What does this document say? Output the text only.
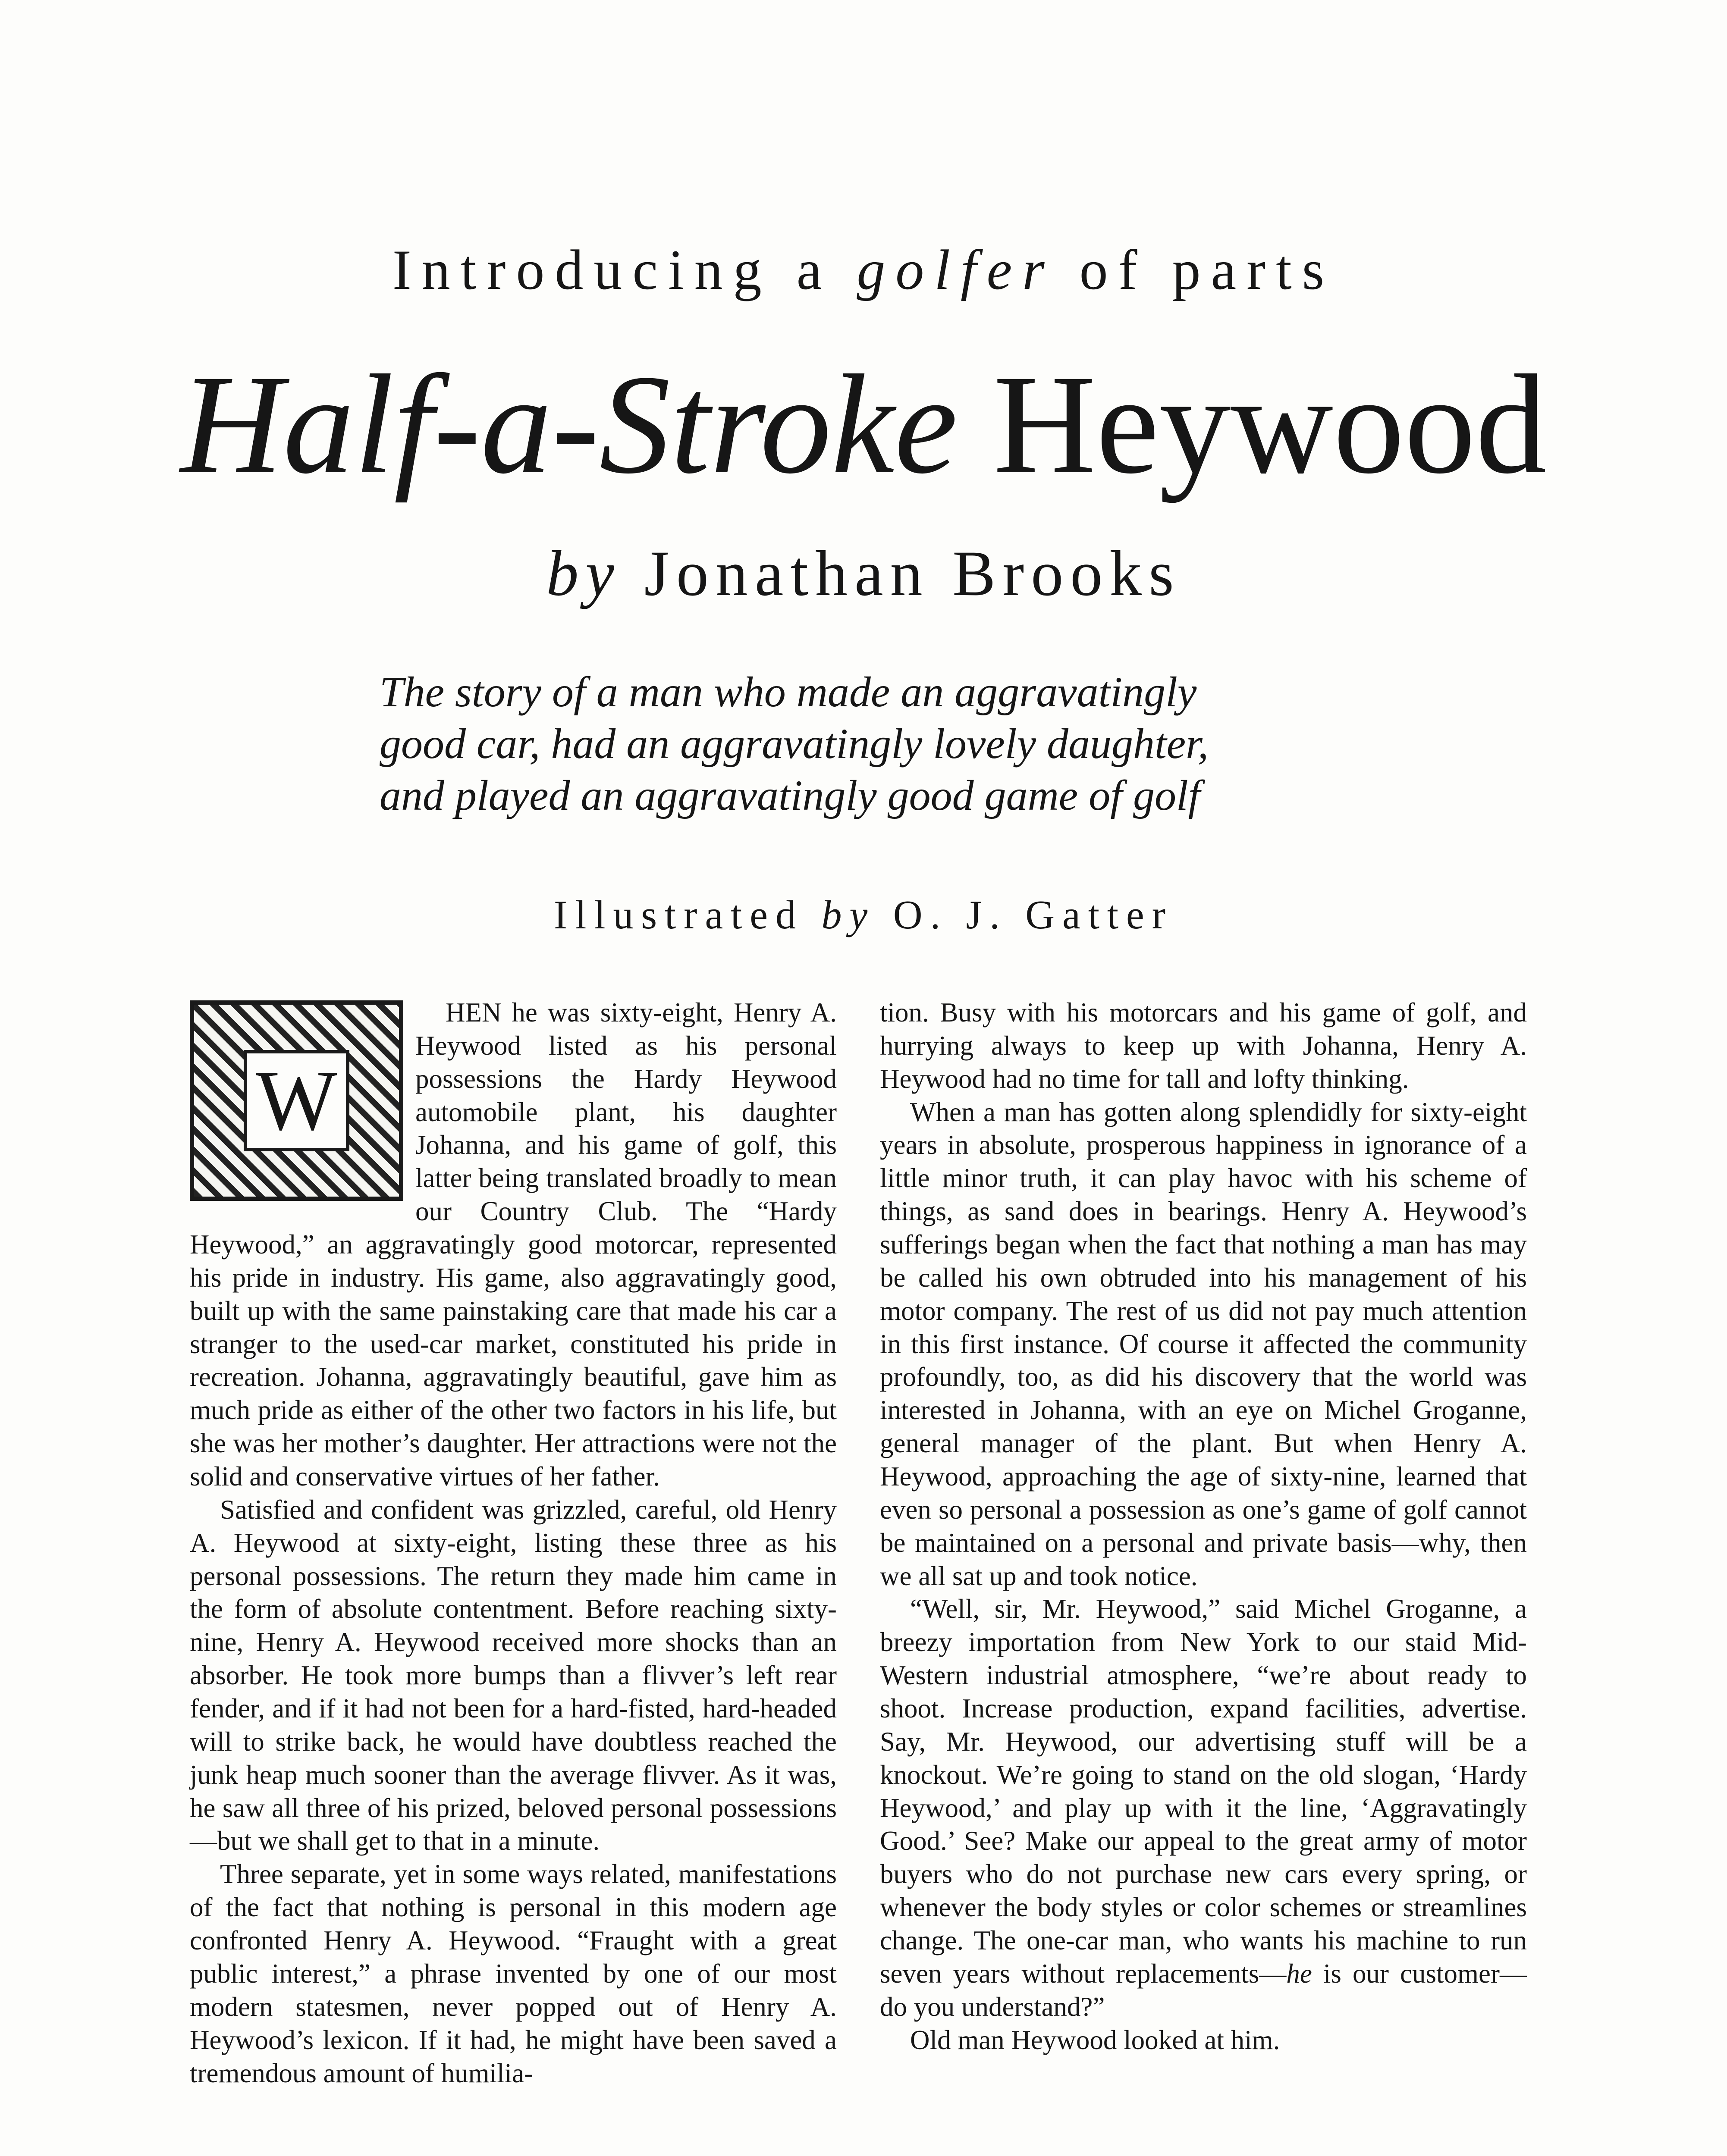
Introducing a golfer of parts
Half-a-Stroke Heywood
by Jonathan Brooks
The story of a man who made an aggravatingly
good car, had an aggravatingly lovely daughter,
and played an aggravatingly good game of golf
Illustrated by O. J. Gatter
W

HEN he was sixty-eight, Henry A. Heywood listed as his personal possessions the Hardy Heywood automobile plant, his daughter Johanna, and his game of golf, this latter being translated broadly to mean our Country Club. The “Hardy Heywood,” an aggravatingly good motorcar, represented his pride in industry. His game, also aggravatingly good, built up with the same painstaking care that made his car a stranger to the used-car market, constituted his pride in recreation. Johanna, aggravatingly beautiful, gave him as much pride as either of the other two factors in his life, but she was her mother’s daughter. Her attractions were not the solid and conservative virtues of her father.

Satisfied and confident was grizzled, careful, old Henry A. Heywood at sixty-eight, listing these three as his personal possessions. The return they made him came in the form of absolute contentment. Before reaching sixty-nine, Henry A. Heywood received more shocks than an absorber. He took more bumps than a flivver’s left rear fender, and if it had not been for a hard-fisted, hard-headed will to strike back, he would have doubtless reached the junk heap much sooner than the average flivver. As it was, he saw all three of his prized, beloved personal possessions—but we shall get to that in a minute.

Three separate, yet in some ways related, manifestations of the fact that nothing is personal in this modern age confronted Henry A. Heywood. “Fraught with a great public interest,” a phrase invented by one of our most modern statesmen, never popped out of Henry A. Heywood’s lexicon. If it had, he might have been saved a tremendous amount of humilia-

tion. Busy with his motorcars and his game of golf, and hurrying always to keep up with Johanna, Henry A. Heywood had no time for tall and lofty thinking.

When a man has gotten along splendidly for sixty-eight years in absolute, prosperous happiness in ignorance of a little minor truth, it can play havoc with his scheme of things, as sand does in bearings. Henry A. Heywood’s sufferings began when the fact that nothing a man has may be called his own obtruded into his management of his motor company. The rest of us did not pay much attention in this first instance. Of course it affected the community profoundly, too, as did his discovery that the world was interested in Johanna, with an eye on Michel Groganne, general manager of the plant. But when Henry A. Heywood, approaching the age of sixty-nine, learned that even so personal a possession as one’s game of golf cannot be maintained on a personal and private basis—why, then we all sat up and took notice.

“Well, sir, Mr. Heywood,” said Michel Groganne, a breezy importation from New York to our staid Mid-Western industrial atmosphere, “we’re about ready to shoot. Increase production, expand facilities, advertise. Say, Mr. Heywood, our advertising stuff will be a knockout. We’re going to stand on the old slogan, ‘Hardy Heywood,’ and play up with it the line, ‘Aggravatingly Good.’ See? Make our appeal to the great army of motor buyers who do not purchase new cars every spring, or whenever the body styles or color schemes or streamlines change. The one-car man, who wants his machine to run seven years without replacements—he is our customer—do you understand?”

Old man Heywood looked at him.
